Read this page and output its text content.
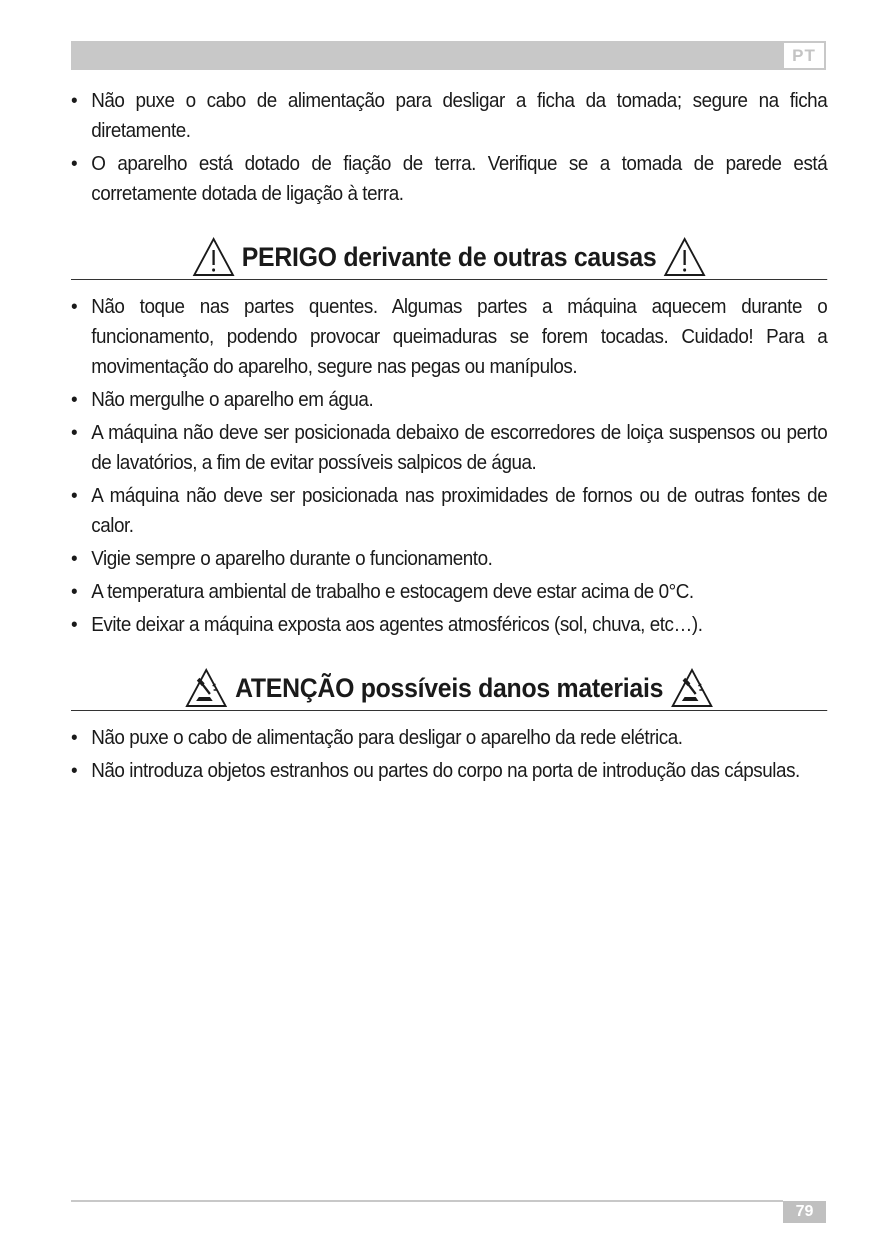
PT
• Não puxe o cabo de alimentação para desligar a ficha da tomada; segure na ficha diretamente.
• O aparelho está dotado de fiação de terra. Verifique se a tomada de parede está corretamente dotada de ligação à terra.
PERIGO derivante de outras causas
• Não toque nas partes quentes. Algumas partes a máquina aquecem durante o funcionamento, podendo provocar queimaduras se forem tocadas. Cuidado! Para a movimentação do aparelho, segure nas pegas ou manípulos.
• Não mergulhe o aparelho em água.
• A máquina não deve ser posicionada debaixo de escorredores de loiça suspensos ou perto de lavatórios, a fim de evitar possíveis salpicos de água.
• A máquina não deve ser posicionada nas proximidades de fornos ou de outras fontes de calor.
• Vigie sempre o aparelho durante o funcionamento.
• A temperatura ambiental de trabalho e estocagem deve estar acima de 0°C.
• Evite deixar a máquina exposta aos agentes atmosféricos (sol, chuva, etc…).
ATENÇÃO possíveis danos materiais
• Não puxe o cabo de alimentação para desligar o aparelho da rede elétrica.
• Não introduza objetos estranhos ou partes do corpo na porta de introdução das cápsulas.
79
